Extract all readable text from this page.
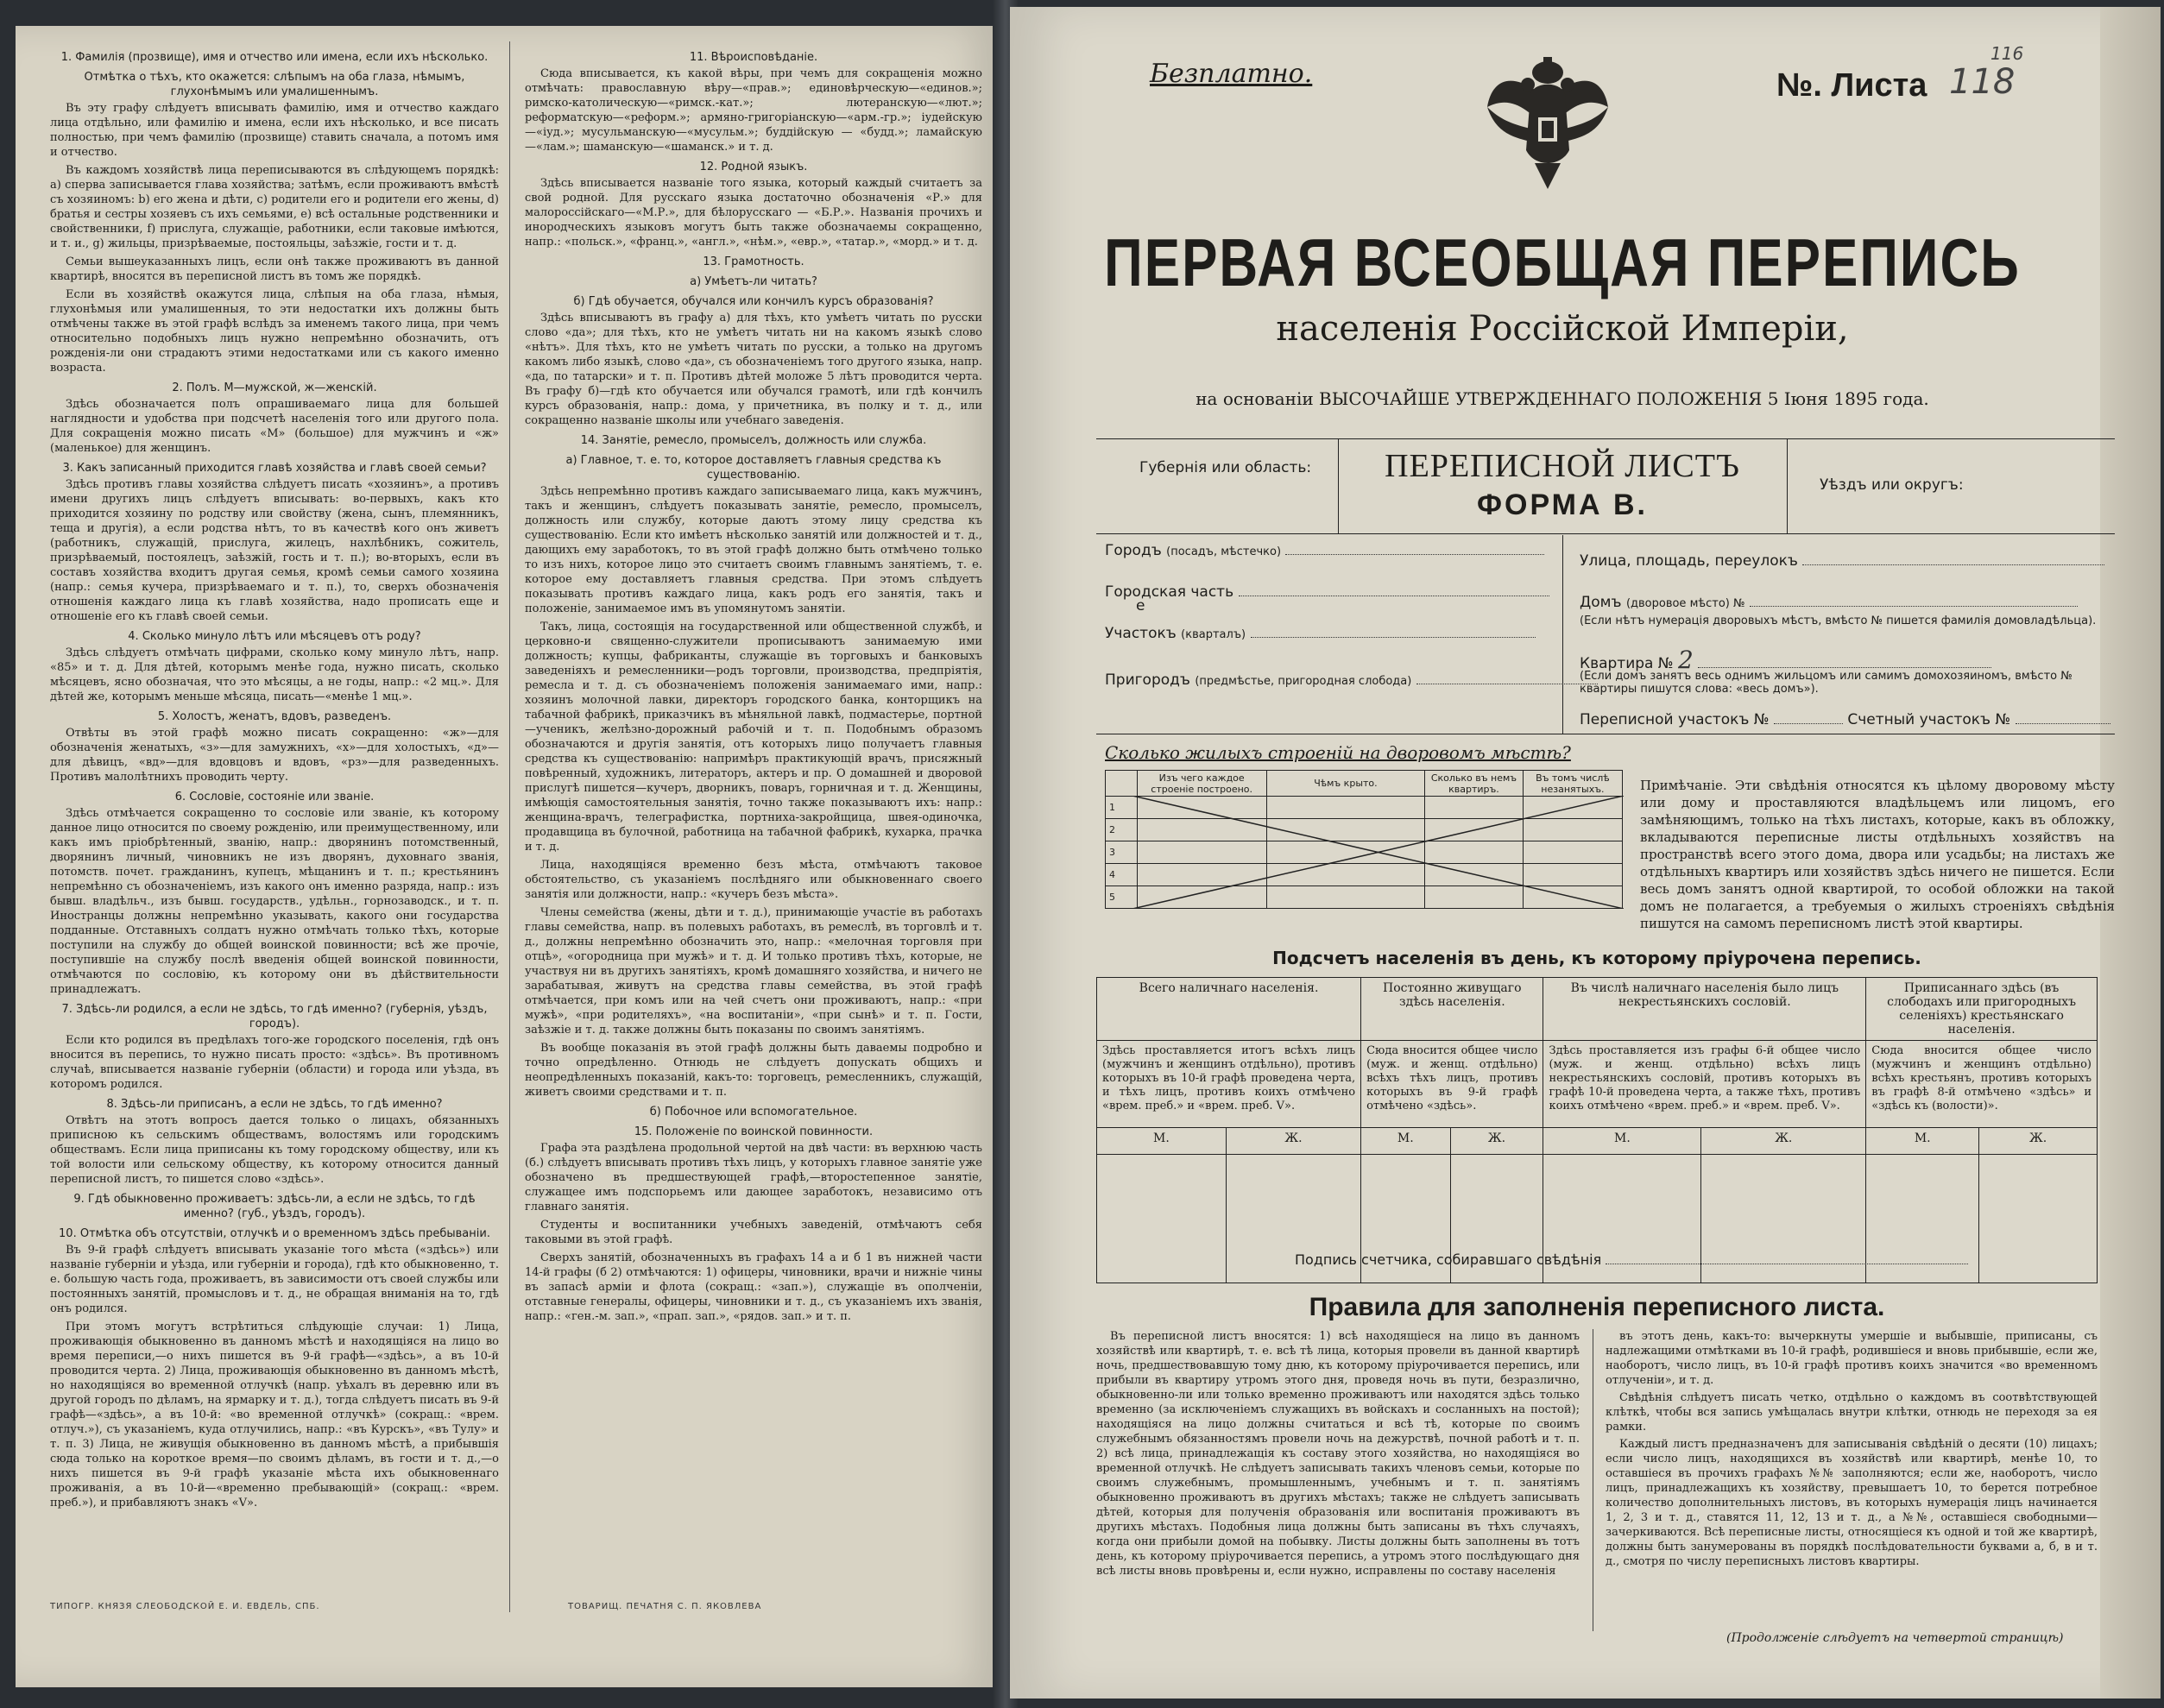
1. Фамилія (прозвище), имя и отчество или имена, если ихъ нѣсколько.
Отмѣтка о тѣхъ, кто окажется: слѣпымъ на оба глаза, нѣмымъ, глухонѣмымъ или умалишеннымъ.

Въ эту графу слѣдуетъ вписывать фамилію, имя и отчество каждаго лица отдѣльно, или фамилію и имена, если ихъ нѣсколько, и все писать полностью, при чемъ фамилію (прозвище) ставить сначала, а потомъ имя и отчество.

Въ каждомъ хозяйствѣ лица переписываются въ слѣдующемъ порядкѣ: а) сперва записывается глава хозяйства; затѣмъ, если проживаютъ вмѣстѣ съ хозяиномъ: b) его жена и дѣти, c) родители его и родители его жены, d) братья и сестры хозяевъ съ ихъ семьями, e) всѣ остальные родственники и свойственники, f) прислуга, служащіе, работники, если таковые имѣются, и т. и., g) жильцы, призрѣваемые, постояльцы, заѣзжіе, гости и т. д.

Семьи вышеуказанныхъ лицъ, если онѣ также проживаютъ въ данной квартирѣ, вносятся въ переписной листъ въ томъ же порядкѣ.

Если въ хозяйствѣ окажутся лица, слѣпыя на оба глаза, нѣмыя, глухонѣмыя или умалишенныя, то эти недостатки ихъ должны быть отмѣчены также въ этой графѣ вслѣдъ за именемъ такого лица, при чемъ относительно подобныхъ лицъ нужно непремѣнно обозначить, отъ рожденія-ли они страдаютъ этими недостатками или съ какого именно возраста.

2. Полъ. М—мужской, ж—женскій.

Здѣсь обозначается полъ опрашиваемаго лица для большей наглядности и удобства при подсчетѣ населенія того или другого пола. Для сокращенія можно писать «М» (большое) для мужчинъ и «ж» (маленькое) для женщинъ.

3. Какъ записанный приходится главѣ хозяйства и главѣ своей семьи?

Здѣсь противъ главы хозяйства слѣдуетъ писать «хозяинъ», а противъ имени другихъ лицъ слѣдуетъ вписывать: во-первыхъ, какъ кто приходится хозяину по родству или свойству (жена, сынъ, племянникъ, теща и другія), а если родства нѣтъ, то въ качествѣ кого онъ живетъ (работникъ, служащій, прислуга, жилецъ, нахлѣбникъ, сожитель, призрѣваемый, постоялецъ, заѣзжій, гость и т. п.); во-вторыхъ, если въ составъ хозяйства входитъ другая семья, кромѣ семьи самого хозяина (напр.: семья кучера, призрѣваемаго и т. п.), то, сверхъ обозначенія отношенія каждаго лица къ главѣ хозяйства, надо прописать еще и отношеніе его къ главѣ своей семьи.

4. Сколько минуло лѣтъ или мѣсяцевъ отъ роду?

Здѣсь слѣдуетъ отмѣчать цифрами, сколько кому минуло лѣтъ, напр. «85» и т. д. Для дѣтей, которымъ менѣе года, нужно писать, сколько мѣсяцевъ, ясно обозначая, что это мѣсяцы, а не годы, напр.: «2 мц.». Для дѣтей же, которымъ меньше мѣсяца, писать—«менѣе 1 мц.».

5. Холостъ, женатъ, вдовъ, разведенъ.

Отвѣты въ этой графѣ можно писать сокращенно: «ж»—для обозначенія женатыхъ, «з»—для замужнихъ, «х»—для холостыхъ, «д»—для дѣвицъ, «вд»—для вдовцовъ и вдовъ, «рз»—для разведенныхъ. Противъ малолѣтнихъ проводить черту.

6. Сословіе, состояніе или званіе.

Здѣсь отмѣчается сокращенно то сословіе или званіе, къ которому данное лицо относится по своему рожденію, или преимущественному, или какъ имъ пріобрѣтенный, званію, напр.: дворянинъ потомственный, дворянинъ личный, чиновникъ не изъ дворянъ, духовнаго званія, потомств. почет. гражданинъ, купецъ, мѣщанинъ и т. п.; крестьянинъ непремѣнно съ обозначеніемъ, изъ какого онъ именно разряда, напр.: изъ бывш. владѣльч., изъ бывш. государств., удѣльн., горнозаводск., и т. п. Иностранцы должны непремѣнно указывать, какого они государства подданные. Отставныхъ солдатъ нужно отмѣчать только тѣхъ, которые поступили на службу до общей воинской повинности; всѣ же прочіе, поступившіе на службу послѣ введенія общей воинской повинности, отмѣчаются по сословію, къ которому они въ дѣйствительности принадлежатъ.

7. Здѣсь-ли родился, а если не здѣсь, то гдѣ именно? (губернія, уѣздъ, городъ).

Если кто родился въ предѣлахъ того-же городского поселенія, гдѣ онъ вносится въ перепись, то нужно писать просто: «здѣсь». Въ противномъ случаѣ, вписывается названіе губерніи (области) и города или уѣзда, въ которомъ родился.

8. Здѣсь-ли приписанъ, а если не здѣсь, то гдѣ именно?

Отвѣтъ на этотъ вопросъ дается только о лицахъ, обязанныхъ приписною къ сельскимъ обществамъ, волостямъ или городскимъ обществамъ. Если лица приписаны къ тому городскому обществу, или къ той волости или сельскому обществу, къ которому относится данный переписной листъ, то пишется слово «здѣсь».

9. Гдѣ обыкновенно проживаетъ: здѣсь-ли, а если не здѣсь, то гдѣ именно? (губ., уѣздъ, городъ).
10. Отмѣтка объ отсутствіи, отлучкѣ и о временномъ здѣсь пребываніи.

Въ 9-й графѣ слѣдуетъ вписывать указаніе того мѣста («здѣсь») или названіе губерніи и уѣзда, или губерніи и города), гдѣ кто обыкновенно, т. е. большую часть года, проживаетъ, въ зависимости отъ своей службы или постоянныхъ занятій, промысловъ и т. д., не обращая вниманія на то, гдѣ онъ родился.

При этомъ могутъ встрѣтиться слѣдующіе случаи: 1) Лица, проживающія обыкновенно въ данномъ мѣстѣ и находящіяся на лицо во время переписи,—о нихъ пишется въ 9-й графѣ—«здѣсь», а въ 10-й проводится черта. 2) Лица, проживающія обыкновенно въ данномъ мѣстѣ, но находящіяся во временной отлучкѣ (напр. уѣхалъ въ деревню или въ другой городъ по дѣламъ, на ярмарку и т. д.), тогда слѣдуетъ писать въ 9-й графѣ—«здѣсь», а въ 10-й: «во временной отлучкѣ» (сокращ.: «врем. отлуч.»), съ указаніемъ, куда отлучились, напр.: «въ Курскъ», «въ Тулу» и т. п. 3) Лица, не живущія обыкновенно въ данномъ мѣстѣ, а прибывшія сюда только на короткое время—по своимъ дѣламъ, въ гости и т. д.,—о нихъ пишется въ 9-й графѣ указаніе мѣста ихъ обыкновеннаго проживанія, а въ 10-й—«временно пребывающій» (сокращ.: «врем. преб.»), и прибавляютъ знакъ «V».

11. Вѣроисповѣданіе.

Сюда вписывается, къ какой вѣры, при чемъ для сокращенія можно отмѣчать: православную вѣру—«прав.»; единовѣрческую—«единов.»; римско-католическую—«римск.-кат.»; лютеранскую—«лют.»; реформатскую—«реформ.»; армяно-григоріанскую—«арм.-гр.»; іудейскую—«іуд.»; мусульманскую—«мусульм.»; буддійскую — «будд.»; ламайскую—«лам.»; шаманскую—«шаманск.» и т. д.

12. Родной языкъ.

Здѣсь вписывается названіе того языка, который каждый считаетъ за свой родной. Для русскаго языка достаточно обозначенія «Р.» для малороссійскаго—«М.Р.», для бѣлорусскаго — «Б.Р.». Названія прочихъ и инородческихъ языковъ могутъ быть также обозначаемы сокращенно, напр.: «польск.», «франц.», «англ.», «нѣм.», «евр.», «татар.», «морд.» и т. д.

13. Грамотность.
а) Умѣетъ-ли читать?
б) Гдѣ обучается, обучался или кончилъ курсъ образованія?

Здѣсь вписываютъ въ графу а) для тѣхъ, кто умѣетъ читать по русски слово «да»; для тѣхъ, кто не умѣетъ читать ни на какомъ языкѣ слово «нѣтъ». Для тѣхъ, кто не умѣетъ читать по русски, а только на другомъ какомъ либо языкѣ, слово «да», съ обозначеніемъ того другого языка, напр. «да, по татарски» и т. п. Противъ дѣтей моложе 5 лѣтъ проводится черта. Въ графу б)—гдѣ кто обучается или обучался грамотѣ, или гдѣ кончилъ курсъ образованія, напр.: дома, у причетника, въ полку и т. д., или сокращенно названіе школы или учебнаго заведенія.

14. Занятіе, ремесло, промыселъ, должность или служба.
а) Главное, т. е. то, которое доставляетъ главныя средства къ существованію.

Здѣсь непремѣнно противъ каждаго записываемаго лица, какъ мужчинъ, такъ и женщинъ, слѣдуетъ показывать занятіе, ремесло, промыселъ, должность или службу, которые даютъ этому лицу средства къ существованію. Если кто имѣетъ нѣсколько занятій или должностей и т. д., дающихъ ему заработокъ, то въ этой графѣ должно быть отмѣчено только то изъ нихъ, которое лицо это считаетъ своимъ главнымъ занятіемъ, т. е. которое ему доставляетъ главныя средства. При этомъ слѣдуетъ показывать противъ каждаго лица, какъ родъ его занятія, такъ и положеніе, занимаемое имъ въ упомянутомъ занятіи.

Такъ, лица, состоящія на государственной или общественной службѣ, и церковно-и священно-служители прописываютъ занимаемую ими должность; купцы, фабриканты, служащіе въ торговыхъ и банковыхъ заведеніяхъ и ремесленники—родъ торговли, производства, предпріятія, ремесла и т. д. съ обозначеніемъ положенія занимаемаго ими, напр.: хозяинъ молочной лавки, директоръ городского банка, конторщикъ на табачной фабрикѣ, приказчикъ въ мѣняльной лавкѣ, подмастерье, портной—ученикъ, желѣзно-дорожный рабочій и т. п. Подобнымъ образомъ обозначаются и другія занятія, отъ которыхъ лицо получаетъ главныя средства къ существованію: напримѣръ практикующій врачъ, присяжный повѣренный, художникъ, литераторъ, актеръ и пр. О домашней и дворовой прислугѣ пишется—кучеръ, дворникъ, поваръ, горничная и т. д. Женщины, имѣющія самостоятельныя занятія, точно также показываютъ ихъ: напр.: женщина-врачъ, телеграфистка, портниха-закройщица, швея-одиночка, продавщица въ булочной, работница на табачной фабрикѣ, кухарка, прачка и т. д.

Лица, находящіяся временно безъ мѣста, отмѣчаютъ таковое обстоятельство, съ указаніемъ послѣдняго или обыкновеннаго своего занятія или должности, напр.: «кучеръ безъ мѣста».

Члены семейства (жены, дѣти и т. д.), принимающіе участіе въ работахъ главы семейства, напр. въ полевыхъ работахъ, въ ремеслѣ, въ торговлѣ и т. д., должны непремѣнно обозначить это, напр.: «мелочная торговля при отцѣ», «огородница при мужѣ» и т. д. И только противъ тѣхъ, которые, не участвуя ни въ другихъ занятіяхъ, кромѣ домашняго хозяйства, и ничего не зарабатывая, живутъ на средства главы семейства, въ этой графѣ отмѣчается, при комъ или на чей счетъ они проживаютъ, напр.: «при мужѣ», «при родителяхъ», «на воспитаніи», «при сынѣ» и т. п. Гости, заѣзжіе и т. д. также должны быть показаны по своимъ занятіямъ.

Въ вообще показанія въ этой графѣ должны быть даваемы подробно и точно опредѣленно. Отнюдь не слѣдуетъ допускать общихъ и неопредѣленныхъ показаній, какъ-то: торговецъ, ремесленникъ, служащій, живетъ своими средствами и т. п.

б) Побочное или вспомогательное.
15. Положеніе по воинской повинности.

Графа эта раздѣлена продольной чертой на двѣ части: въ верхнюю часть (б.) слѣдуетъ вписывать противъ тѣхъ лицъ, у которыхъ главное занятіе уже обозначено въ предшествующей графѣ,—второстепенное занятіе, служащее имъ подспорьемъ или дающее заработокъ, независимо отъ главнаго занятія.

Студенты и воспитанники учебныхъ заведеній, отмѣчаютъ себя таковыми въ этой графѣ.

Сверхъ занятій, обозначенныхъ въ графахъ 14 а и б 1 въ нижней части 14-й графы (б 2) отмѣчаются: 1) офицеры, чиновники, врачи и нижніе чины въ запасѣ арміи и флота (сокращ.: «зап.»), служащіе въ ополченіи, отставные генералы, офицеры, чиновники и т. д., съ указаніемъ ихъ званія, напр.: «ген.-м. зап.», «прап. зап.», «рядов. зап.» и т. п.

ТИПОГР. КНЯЗЯ СЛЕОБОДСКОЙ Е. И. ЕВДЕЛЬ, СПБ.	ТОВАРИЩ. ПЕЧАТНЯ С. П. ЯКОВЛЕВА
Безплатно.	№. Листа 118
116
ПЕРВАЯ ВСЕОБЩАЯ ПЕРЕПИСЬ
населенія Россійской Имперіи,
на основаніи ВЫСОЧАЙШЕ УТВЕРЖДЕННАГО ПОЛОЖЕНІЯ 5 Іюня 1895 года.
Губернія или область:	ПЕРЕПИСНОЙ ЛИСТЪ
ФОРМА В.
Уѣздъ или округъ:
Городъ (посадъ, мѣстечко)
Городская часть
е
Участокъ (кварталъ)
Пригородъ (предмѣстье, пригородная слобода)
Улица, площадь, переулокъ
Домъ (дворовое мѣсто) №
(Если нѣтъ нумерація дворовыхъ мѣстъ, вмѣсто № пишется фамилія домовладѣльца).
Квартира № 2
(Если домъ занятъ весь однимъ жильцомъ или самимъ домохозяиномъ, вмѣсто № квартиры пишутся слова: «весь домъ»).
Переписной участокъ №	Счетный участокъ №
Сколько жилыхъ строеній на дворовомъ мѣстѣ?
	Изъ чего каждое строеніе построено.	Чѣмъ крыто.	Сколько въ немъ квартиръ.	Въ томъ числѣ незанятыхъ.
1				
2				
3				
4				
5				
Примѣчаніе. Эти свѣдѣнія относятся къ цѣлому дворовому мѣсту или дому и проставляются владѣльцемъ или лицомъ, его замѣняющимъ, только на тѣхъ листахъ, которые, какъ въ обложку, вкладываются переписные листы отдѣльныхъ хозяйствъ на пространствѣ всего этого дома, двора или усадьбы; на листахъ же отдѣльныхъ квартиръ или хозяйствъ здѣсь ничего не пишется. Если весь домъ занятъ одной квартирой, то особой обложки на такой домъ не полагается, а требуемыя о жилыхъ строеніяхъ свѣдѣнія пишутся на самомъ переписномъ листѣ этой квартиры.
Подсчетъ населенія въ день, къ которому пріурочена перепись.
Всего наличнаго населенія.		Постоянно живущаго здѣсь населенія.		Въ числѣ наличнаго населенія было лицъ некрестьянскихъ сословій.		Приписаннаго здѣсь (въ слободахъ или пригородныхъ селеніяхъ) крестьянскаго населенія.	
Здѣсь проставляется итогъ всѣхъ лицъ (мужчинъ и женщинъ отдѣльно), противъ которыхъ въ 10-й графѣ проведена черта, и тѣхъ лицъ, противъ коихъ отмѣчено «врем. преб.» и «врем. преб. V».		Сюда вносится общее число (муж. и женщ. отдѣльно) всѣхъ тѣхъ лицъ, противъ которыхъ въ 9-й графѣ отмѣчено «здѣсь».		Здѣсь проставляется изъ графы 6-й общее число (муж. и женщ. отдѣльно) всѣхъ лицъ некрестьянскихъ сословій, противъ которыхъ въ графѣ 10-й проведена черта, а также тѣхъ, противъ коихъ отмѣчено «врем. преб.» и «врем. преб. V».		Сюда вносится общее число (мужчинъ и женщинъ отдѣльно) всѣхъ крестьянъ, противъ которыхъ въ графѣ 8-й отмѣчено «здѣсь» и «здѣсь къ (волости)».	
М.	Ж.	М.	Ж.	М.	Ж.	М.	Ж.

Подпись счетчика, собиравшаго свѣдѣнія
Правила для заполненія переписного листа.

Въ переписной листъ вносятся: 1) всѣ находящіеся на лицо въ данномъ хозяйствѣ или квартирѣ, т. е. всѣ тѣ лица, которыя провели въ данной квартирѣ ночь, предшествовавшую тому дню, къ которому пріурочивается перепись, или прибыли въ квартиру утромъ этого дня, проведя ночь въ пути, безразлично, обыкновенно-ли или только временно проживаютъ или находятся здѣсь только временно (за исключеніемъ служащихъ въ войскахъ и сосланныхъ на постой); находящіяся на лицо должны считаться и всѣ тѣ, которые по своимъ служебнымъ обязанностямъ провели ночь на дежурствѣ, почной работѣ и т. п. 2) всѣ лица, принадлежащія къ составу этого хозяйства, но находящіяся во временной отлучкѣ. Не слѣдуетъ записывать такихъ членовъ семьи, которые по своимъ служебнымъ, промышленнымъ, учебнымъ и т. п. занятіямъ обыкновенно проживаютъ въ другихъ мѣстахъ; также не слѣдуетъ записывать дѣтей, которыя для полученія образованія или воспитанія проживаютъ въ другихъ мѣстахъ. Подобныя лица должны быть записаны въ тѣхъ случаяхъ, когда они прибыли домой на побывку. Листы должны быть заполнены въ тотъ день, къ которому пріурочивается перепись, а утромъ этого послѣдующаго дня всѣ листы вновь провѣрены и, если нужно, исправлены по составу населенія

въ этотъ день, какъ-то: вычеркнуты умершіе и выбывшіе, приписаны, съ надлежащими отмѣтками въ 10-й графѣ, родившіеся и вновь прибывшіе, если же, наоборотъ, число лицъ, въ 10-й графѣ противъ коихъ значится «во временномъ отлученіи», и т. д.

Свѣдѣнія слѣдуетъ писать четко, отдѣльно о каждомъ въ соотвѣтствующей клѣткѣ, чтобы вся запись умѣщалась внутри клѣтки, отнюдь не переходя за ея рамки.

Каждый листъ предназначенъ для записыванія свѣдѣній о десяти (10) лицахъ; если число лицъ, находящихся въ хозяйствѣ или квартирѣ, менѣе 10, то оставшіеся въ прочихъ графахъ №№ заполняются; если же, наоборотъ, число лицъ, принадлежащихъ къ хозяйству, превышаетъ 10, то берется потребное количество дополнительныхъ листовъ, въ которыхъ нумерація лицъ начинается 1, 2, 3 и т. д., ставятся 11, 12, 13 и т. д., а №№, оставшіеся свободными—зачеркиваются. Всѣ переписные листы, относящіеся къ одной и той же квартирѣ, должны быть занумерованы въ порядкѣ послѣдовательности буквами а, б, в и т. д., смотря по числу переписныхъ листовъ квартиры.

(Продолженіе слѣдуетъ на четвертой страницѣ)
